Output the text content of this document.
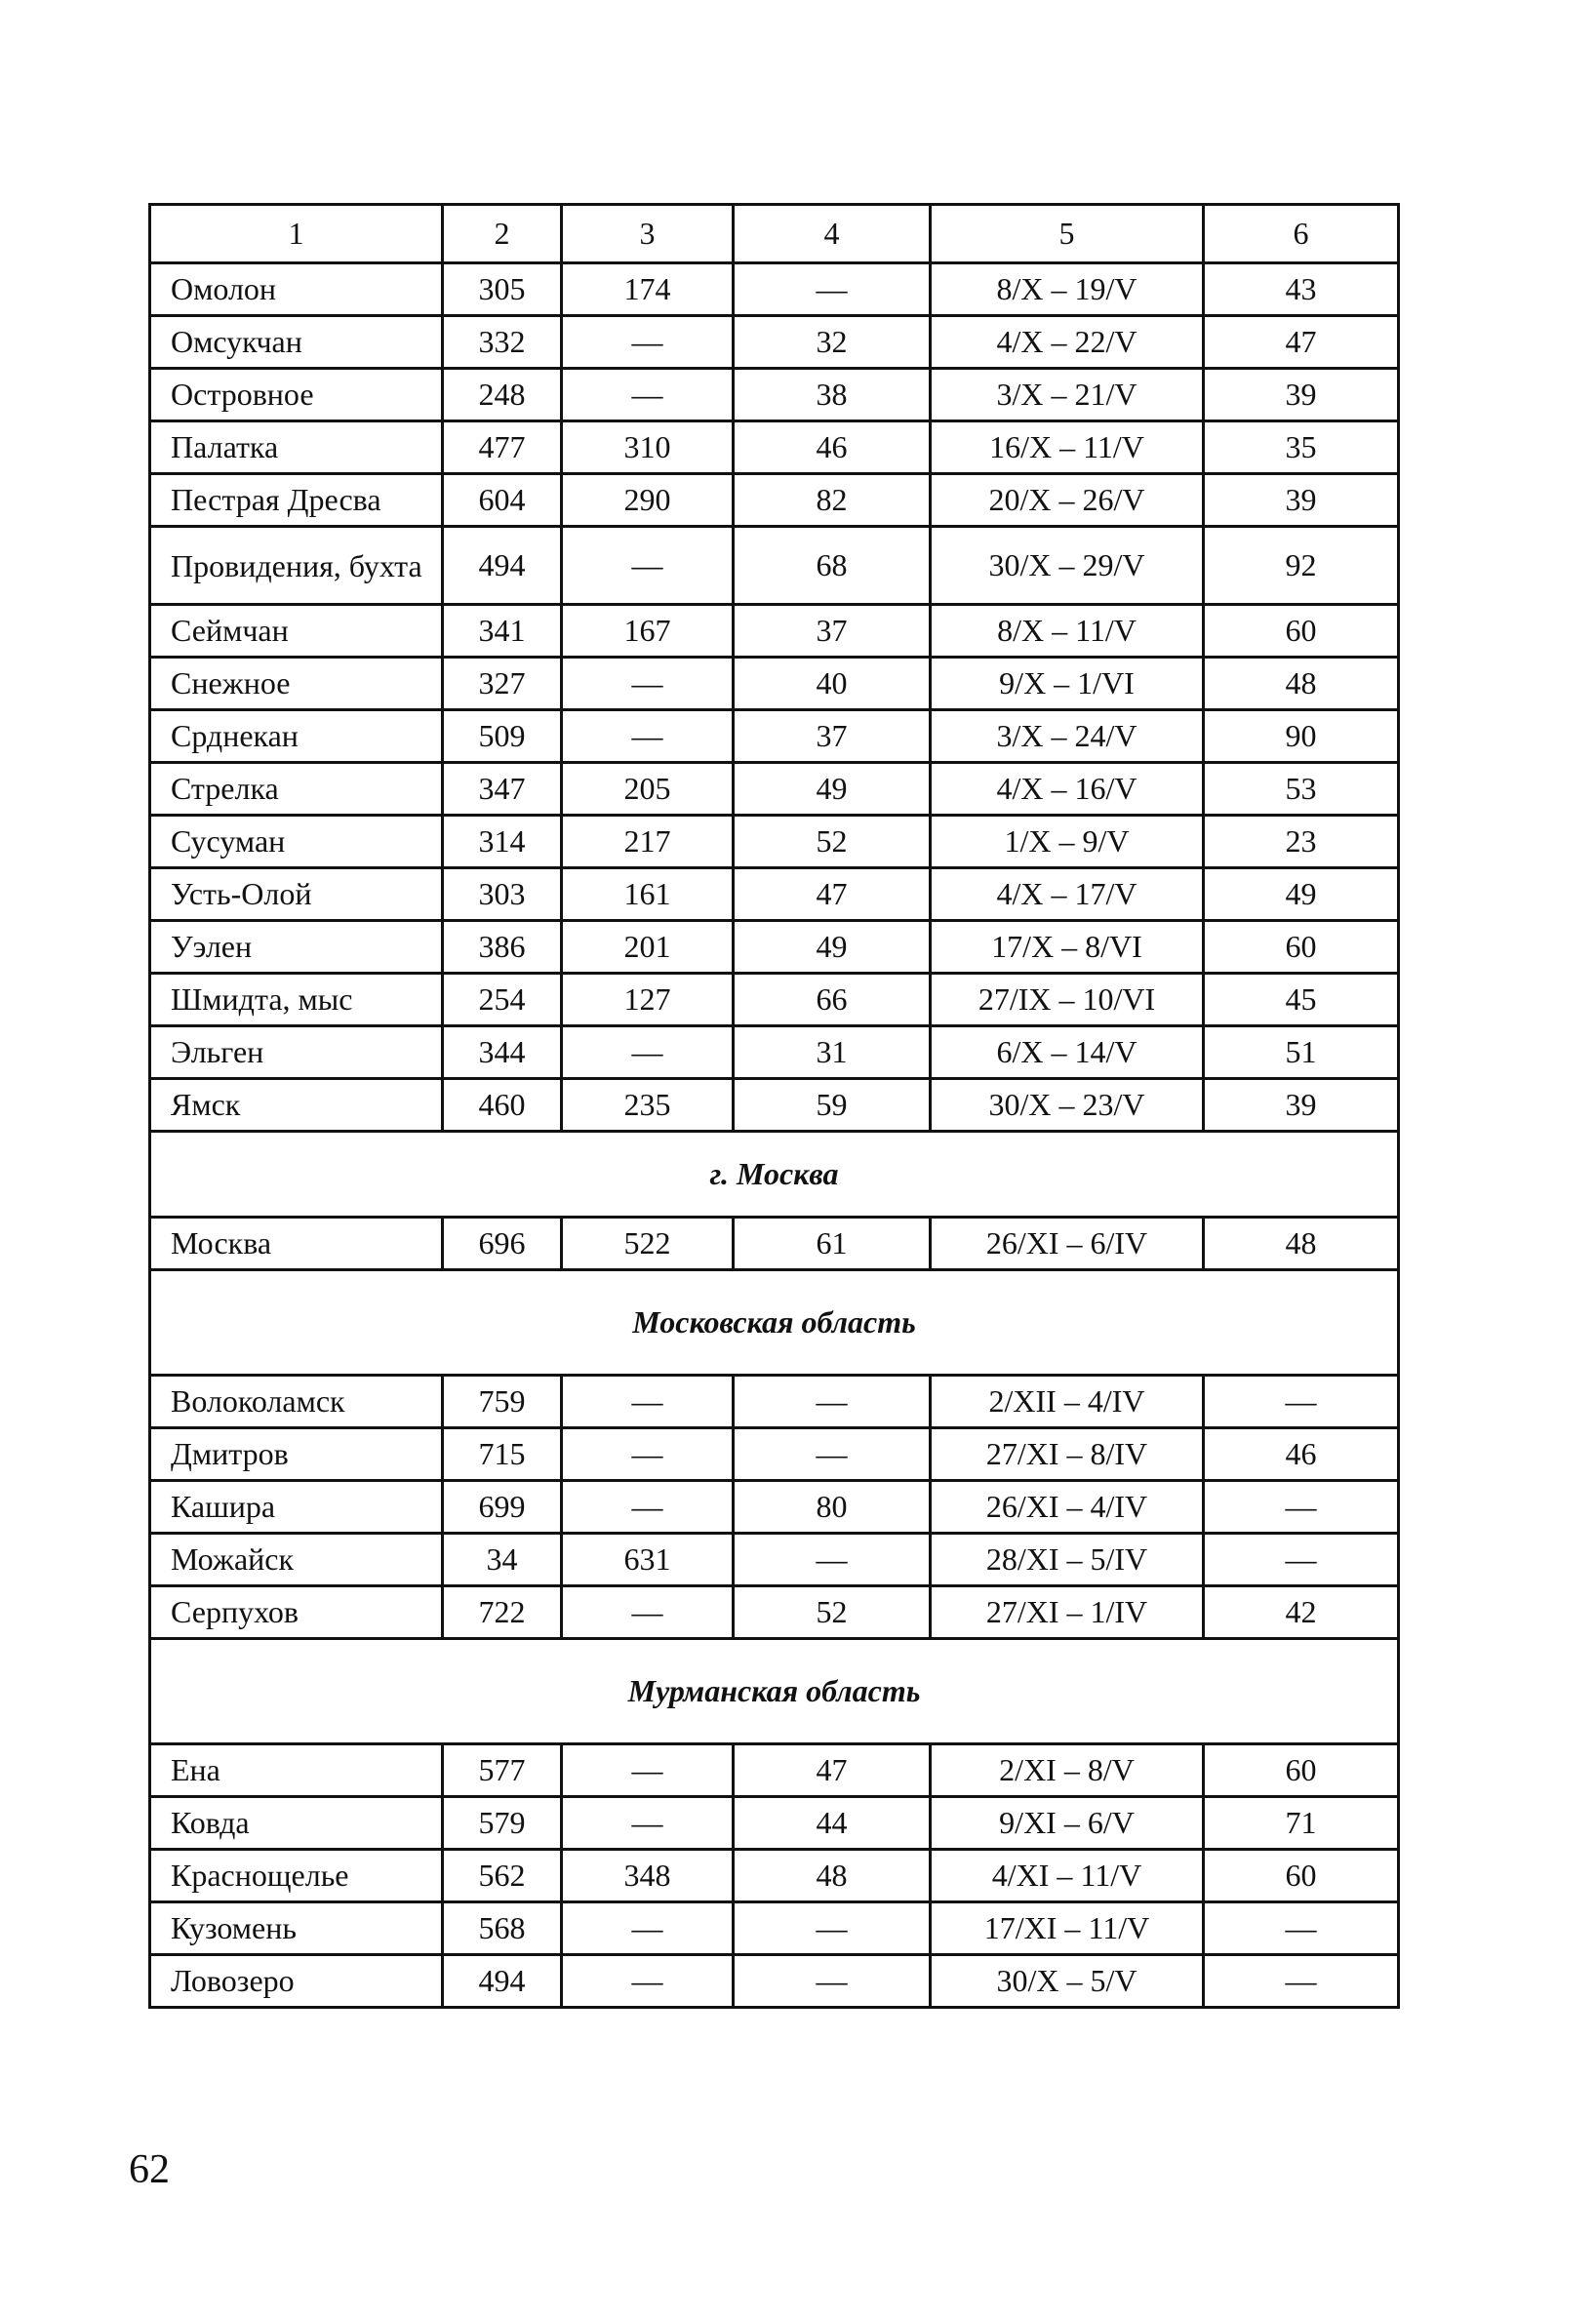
1	2	3	4	5	6
Омолон	305	174	—	8/X – 19/V	43
Омсукчан	332	—	32	4/X – 22/V	47
Островное	248	—	38	3/X – 21/V	39
Палатка	477	310	46	16/X – 11/V	35
Пестрая Дресва	604	290	82	20/X – 26/V	39
Провидения, бухта	494	—	68	30/X – 29/V	92
Сеймчан	341	167	37	8/X – 11/V	60
Снежное	327	—	40	9/X – 1/VI	48
Срднекан	509	—	37	3/X – 24/V	90
Стрелка	347	205	49	4/X – 16/V	53
Сусуман	314	217	52	1/X – 9/V	23
Усть-Олой	303	161	47	4/X – 17/V	49
Уэлен	386	201	49	17/X – 8/VI	60
Шмидта, мыс	254	127	66	27/IX – 10/VI	45
Эльген	344	—	31	6/X – 14/V	51
Ямск	460	235	59	30/X – 23/V	39
г. Москва					
Москва	696	522	61	26/XI – 6/IV	48
Московская область					
Волоколамск	759	—	—	2/XII – 4/IV	—
Дмитров	715	—	—	27/XI – 8/IV	46
Кашира	699	—	80	26/XI – 4/IV	—
Можайск	34	631	—	28/XI – 5/IV	—
Серпухов	722	—	52	27/XI – 1/IV	42
Мурманская область					
Ена	577	—	47	2/XI – 8/V	60
Ковда	579	—	44	9/XI – 6/V	71
Краснощелье	562	348	48	4/XI – 11/V	60
Кузомень	568	—	—	17/XI – 11/V	—
Ловозеро	494	—	—	30/X – 5/V	—
62
